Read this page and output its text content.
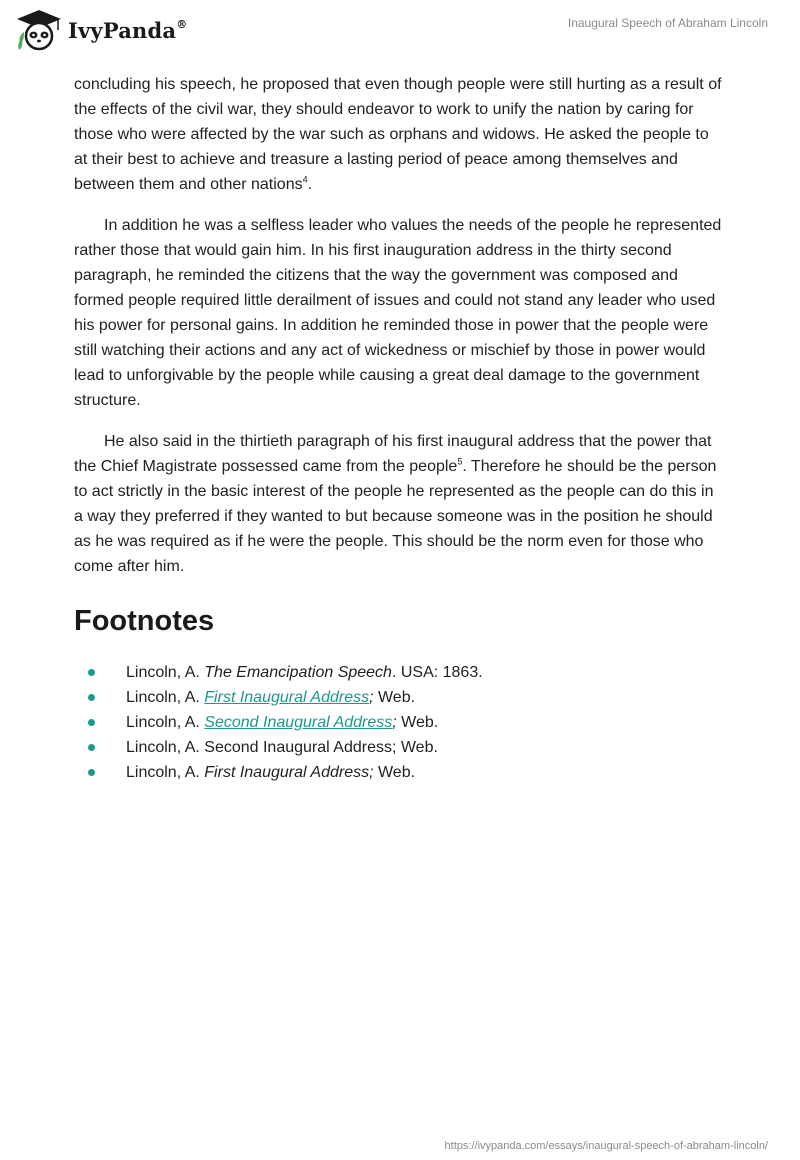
IvyPanda®	Inaugural Speech of Abraham Lincoln

concluding his speech, he proposed that even though people were still hurting as a result of the effects of the civil war, they should endeavor to work to unify the nation by caring for those who were affected by the war such as orphans and widows. He asked the people to at their best to achieve and treasure a lasting period of peace among themselves and between them and other nations$^4$.

In addition he was a selfless leader who values the needs of the people he represented rather those that would gain him. In his first inauguration address in the thirty second paragraph, he reminded the citizens that the way the government was composed and formed people required little derailment of issues and could not stand any leader who used his power for personal gains. In addition he reminded those in power that the people were still watching their actions and any act of wickedness or mischief by those in power would lead to unforgivable by the people while causing a great deal damage to the government structure.

He also said in the thirtieth paragraph of his first inaugural address that the power that the Chief Magistrate possessed came from the people$^5$. Therefore he should be the person to act strictly in the basic interest of the people he represented as the people can do this in a way they preferred if they wanted to but because someone was in the position he should as he was required as if he were the people. This should be the norm even for those who come after him.

Footnotes
Lincoln, A. The Emancipation Speech. USA: 1863.
Lincoln, A. First Inaugural Address; Web.
Lincoln, A. Second Inaugural Address; Web.
Lincoln, A. Second Inaugural Address; Web.
Lincoln, A. First Inaugural Address; Web.
https://ivypanda.com/essays/inaugural-speech-of-abraham-lincoln/
